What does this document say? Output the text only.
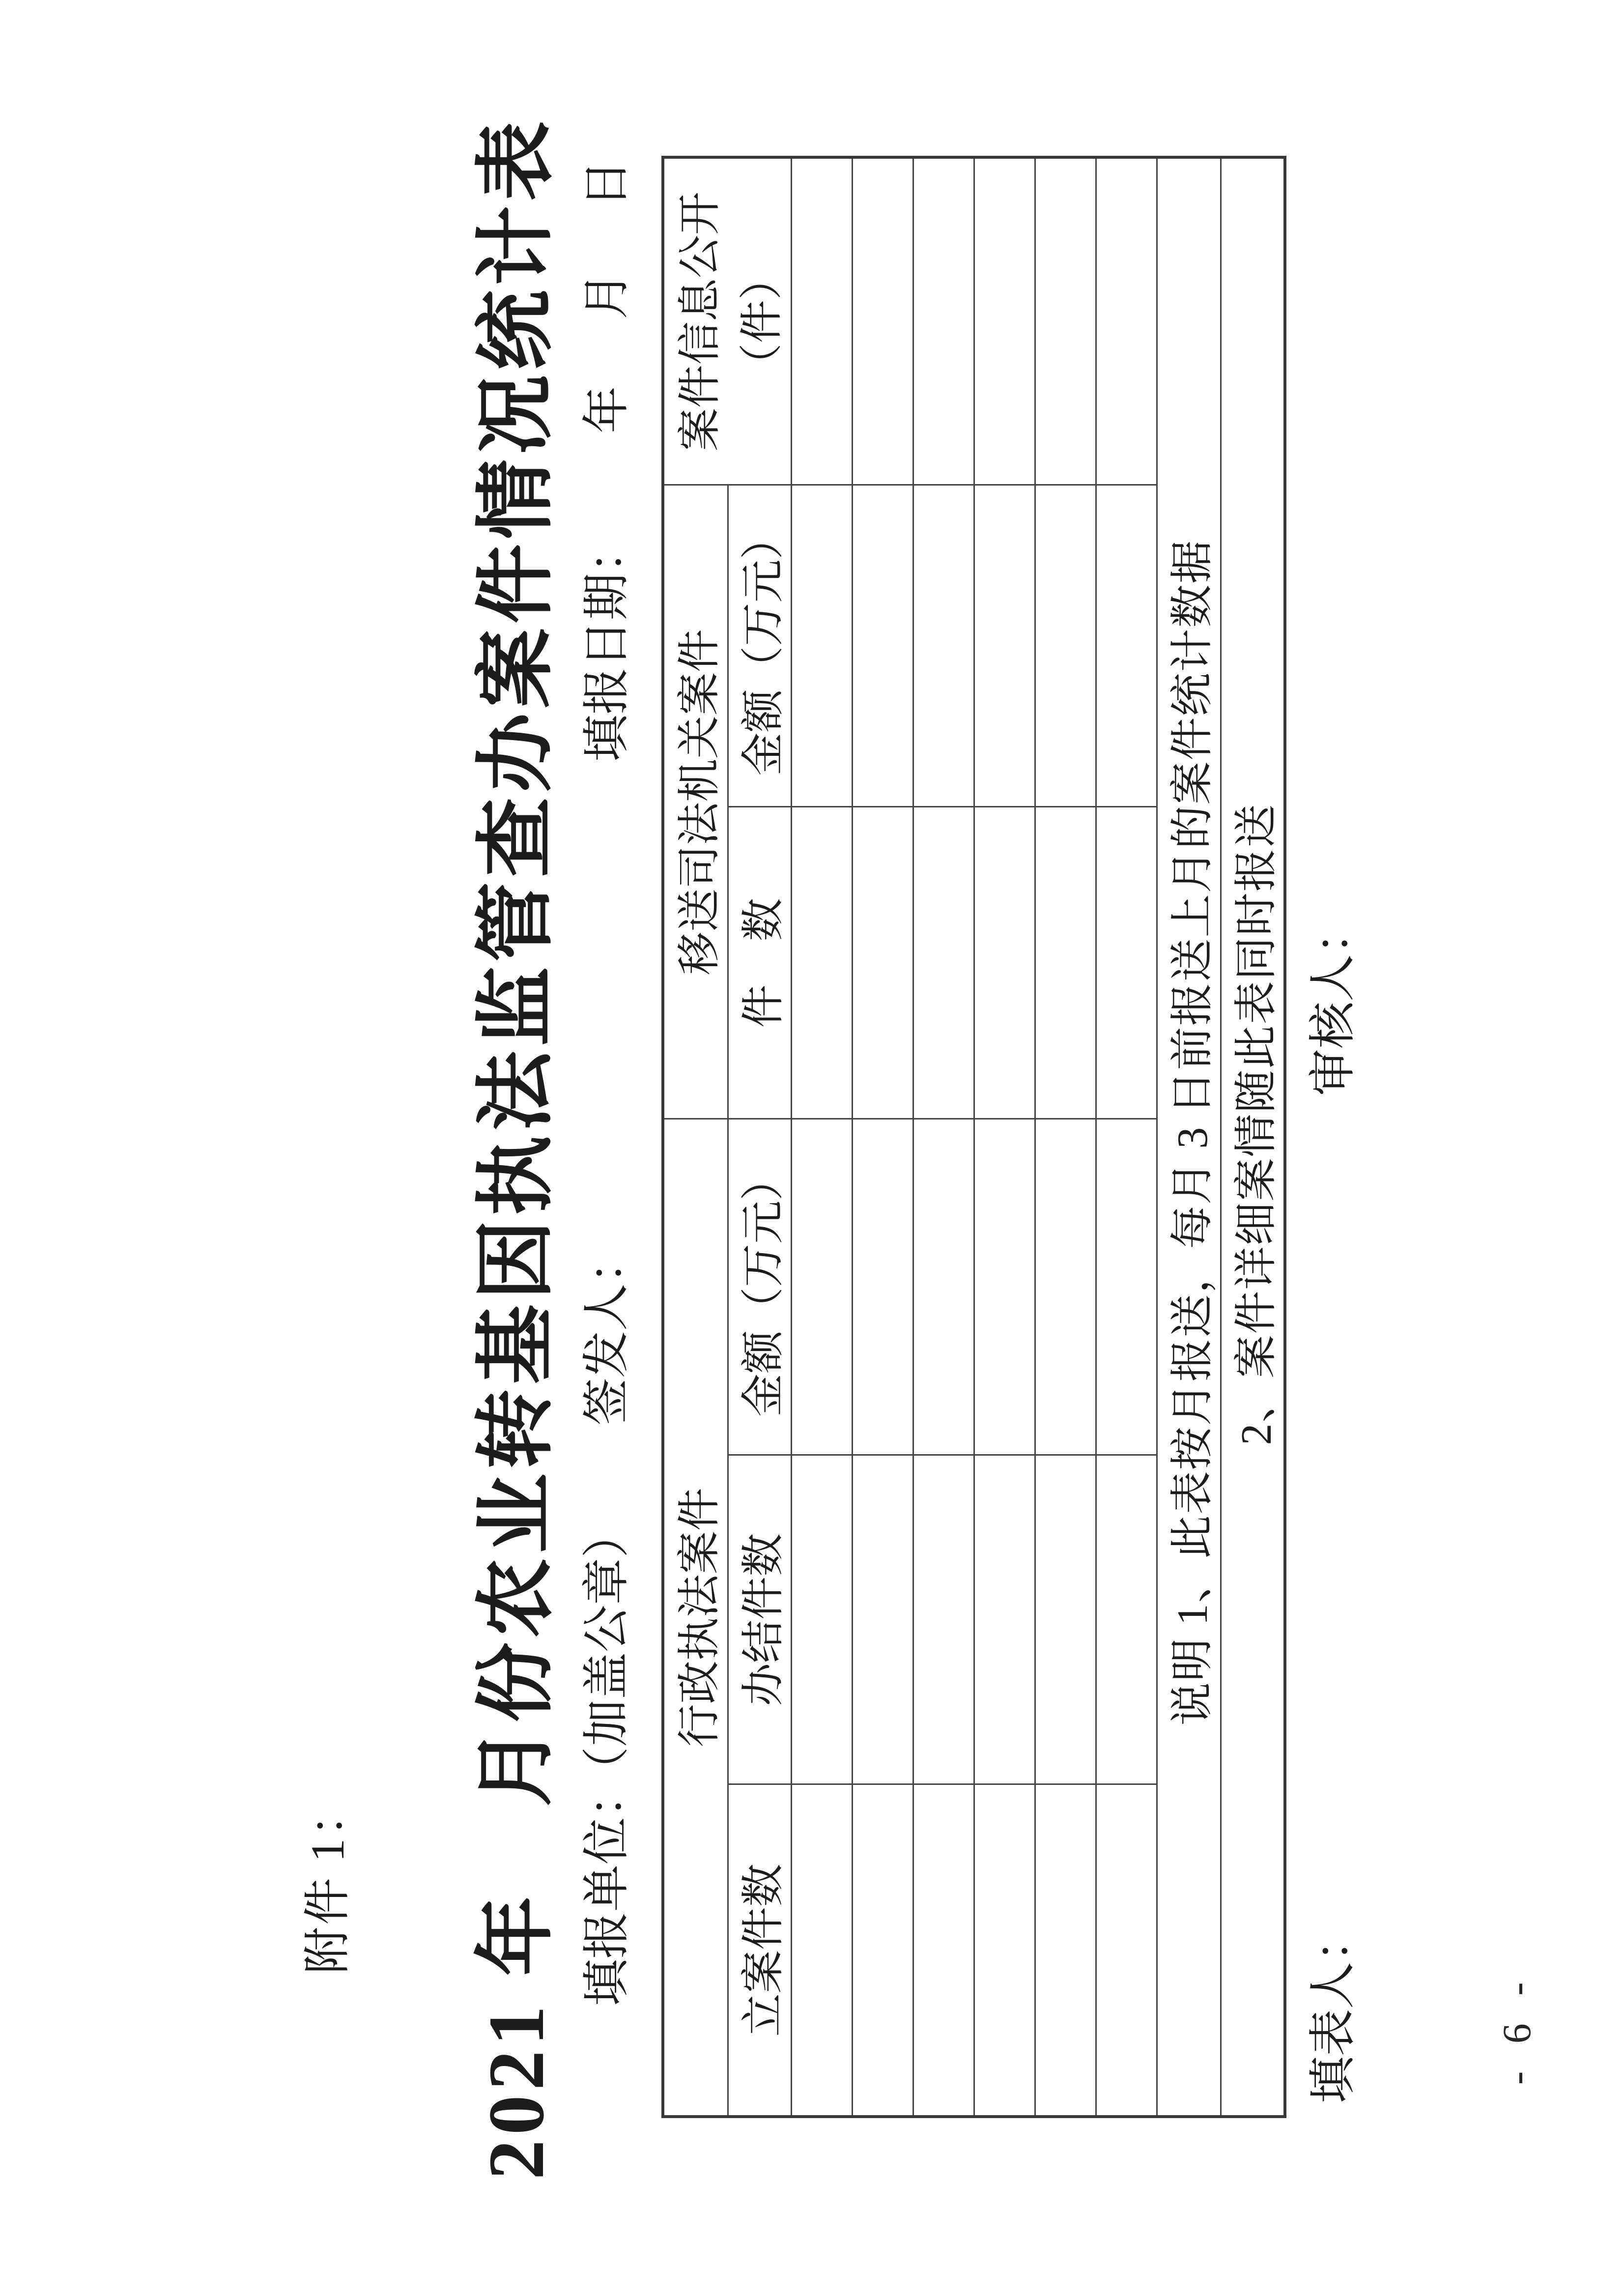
附件 1： 2021 年　月份农业转基因执法监管查办案件情况统计表 填报单位：（加盖公章）
签发人：
填报日期：
年
月
日
行政执法案件			移送司法机关案件		案件信息公开（件）
立案件数	办结件数	金额（万元）	件　数	金额（万元）	

说明 1、此表按月报送，每月 3 日前报送上月的案件统计数据					
2、案件详细案情随此表同时报送					
填表人：
审核人：
- 6 -
